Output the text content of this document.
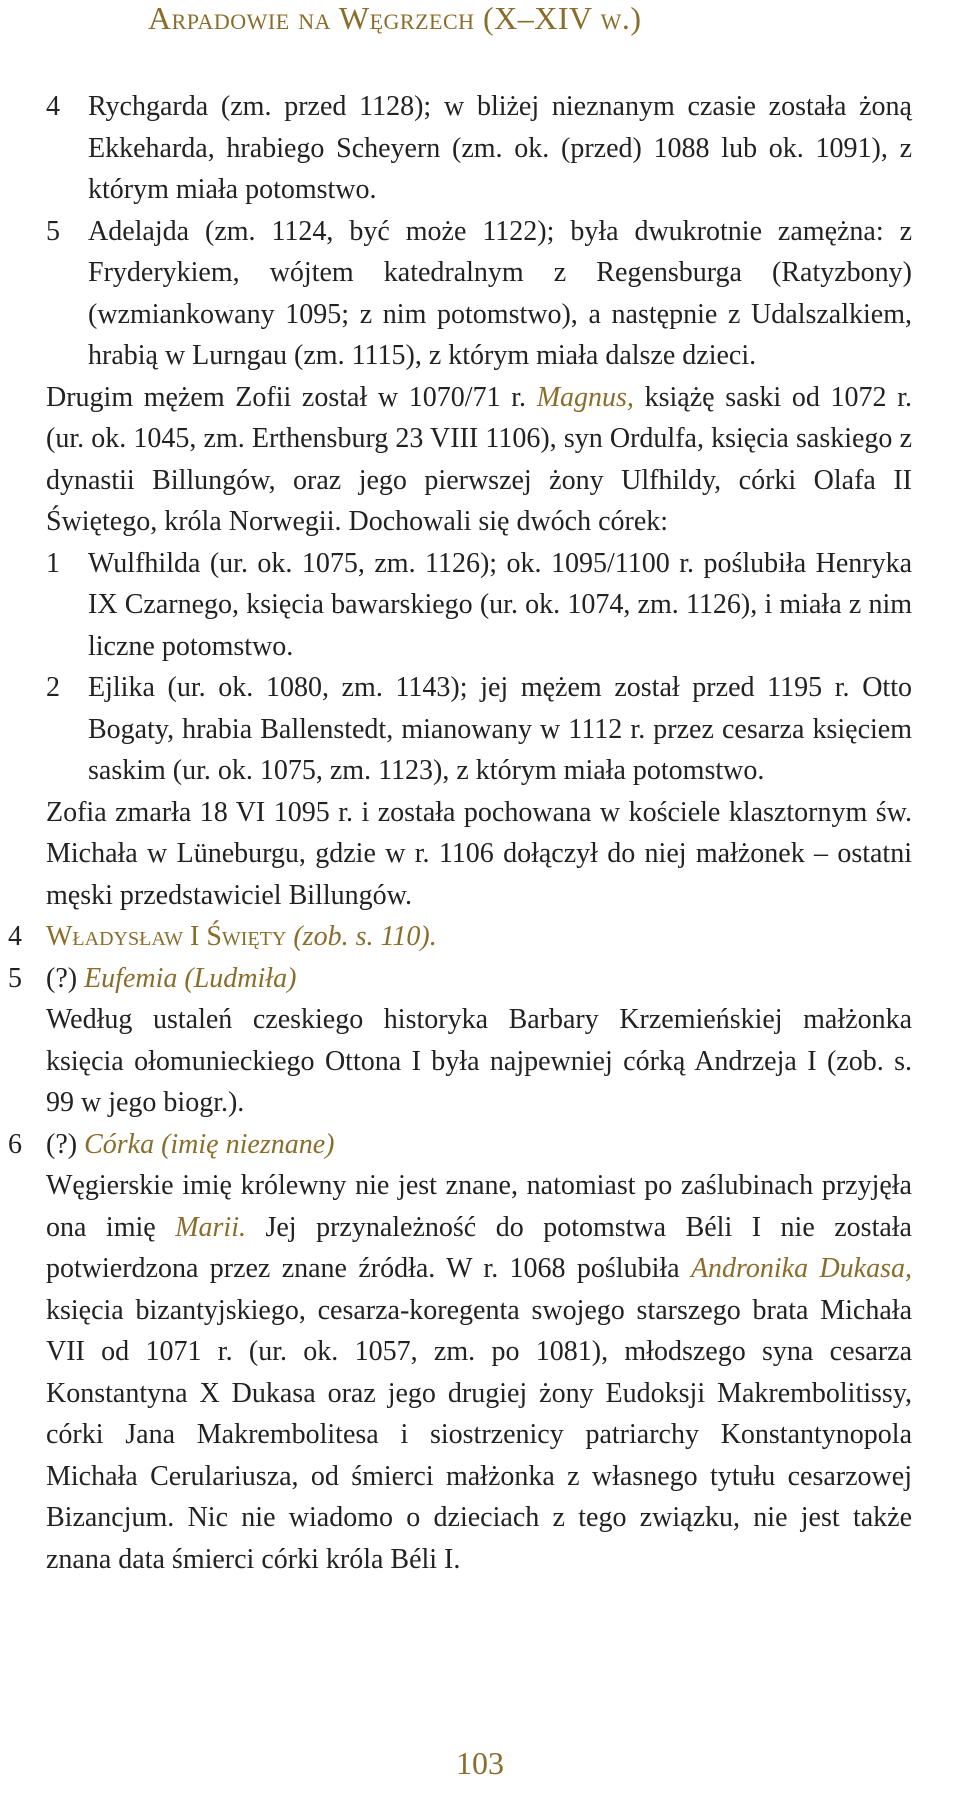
Arpadowie na Węgrzech (X–XIV w.)

4 Rychgarda (zm. przed 1128); w bliżej nieznanym czasie została żoną Ekkeharda, hrabiego Scheyern (zm. ok. (przed) 1088 lub ok. 1091), z którym miała potomstwo.

5 Adelajda (zm. 1124, być może 1122); była dwukrotnie zamężna: z Fryderykiem, wójtem katedralnym z Regensburga (Ratyzbony) (wzmiankowany 1095; z nim potomstwo), a następnie z Udalszalkiem, hrabią w Lurngau (zm. 1115), z którym miała dalsze dzieci.

Drugim mężem Zofii został w 1070/71 r. Magnus, książę saski od 1072 r. (ur. ok. 1045, zm. Erthensburg 23 VIII 1106), syn Ordulfa, księcia saskiego z dynastii Billungów, oraz jego pierwszej żony Ulfhildy, córki Olafa II Świętego, króla Norwegii. Dochowali się dwóch córek:

1 Wulfhilda (ur. ok. 1075, zm. 1126); ok. 1095/1100 r. poślubiła Henryka IX Czarnego, księcia bawarskiego (ur. ok. 1074, zm. 1126), i miała z nim liczne potomstwo.

2 Ejlika (ur. ok. 1080, zm. 1143); jej mężem został przed 1195 r. Otto Bogaty, hrabia Ballenstedt, mianowany w 1112 r. przez cesarza księciem saskim (ur. ok. 1075, zm. 1123), z którym miała potomstwo.

Zofia zmarła 18 VI 1095 r. i została pochowana w kościele klasztornym św. Michała w Lüneburgu, gdzie w r. 1106 dołączył do niej małżonek – ostatni męski przedstawiciel Billungów.

4 Władysław I Święty (zob. s. 110).

5 (?) Eufemia (Ludmiła)

Według ustaleń czeskiego historyka Barbary Krzemieńskiej małżonka księcia ołomunieckiego Ottona I była najpewniej córką Andrzeja I (zob. s. 99 w jego biogr.).

6 (?) Córka (imię nieznane)

Węgierskie imię królewny nie jest znane, natomiast po zaślubinach przyjęła ona imię Marii. Jej przynależność do potomstwa Béli I nie została potwierdzona przez znane źródła. W r. 1068 poślubiła Andronika Dukasa, księcia bizantyjskiego, cesarza-koregenta swojego starszego brata Michała VII od 1071 r. (ur. ok. 1057, zm. po 1081), młodszego syna cesarza Konstantyna X Dukasa oraz jego drugiej żony Eudoksji Makrembolitissy, córki Jana Makrembolitesa i siostrzenicy patriarchy Konstantynopola Michała Cerulariusza, od śmierci małżonka z własnego tytułu cesarzowej Bizancjum. Nic nie wiadomo o dzieciach z tego związku, nie jest także znana data śmierci córki króla Béli I.

103
